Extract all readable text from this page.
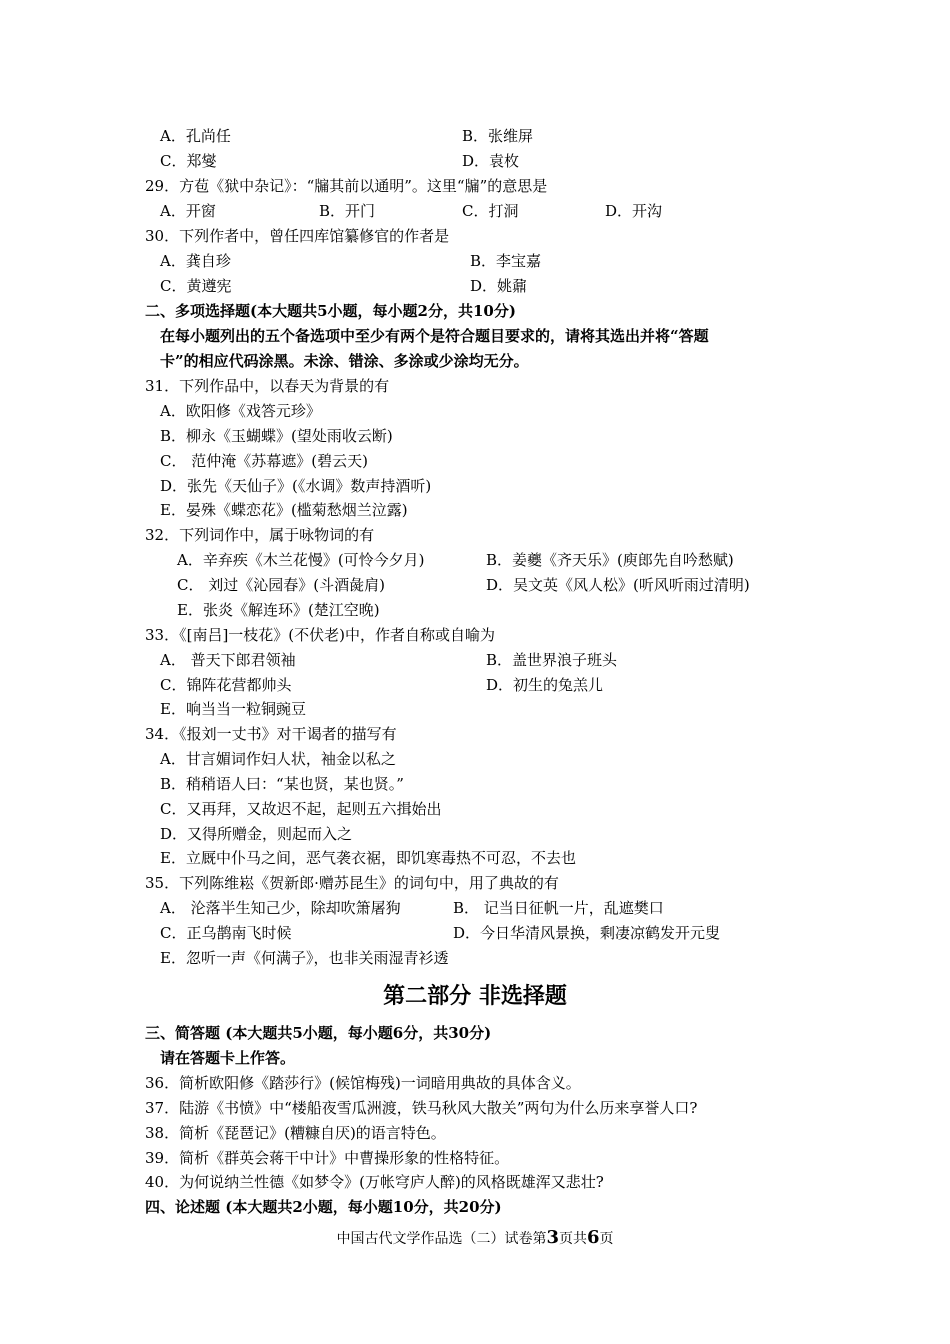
A．孔尚任	B．张维屏
C．郑燮	D．袁枚
29．方苞《狱中杂记》：“牖其前以通明”。这里“牖”的意思是
A．开窗	B．开门	C．打洞	D．开沟
30．下列作者中，曾任四库馆纂修官的作者是
A．龚自珍	B．李宝嘉
C．黄遵宪	D．姚鼐
二、多项选择题(本大题共5小题，每小题2分，共10分)
在每小题列出的五个备选项中至少有两个是符合题目要求的，请将其选出并将“答题
卡”的相应代码涂黑。未涂、错涂、多涂或少涂均无分。
31．下列作品中，以春天为背景的有
A．欧阳修《戏答元珍》
B．柳永《玉蝴蝶》(望处雨收云断)
C． 范仲淹《苏幕遮》(碧云天)
D．张先《天仙子》(《水调》数声持酒听)
E．晏殊《蝶恋花》(槛菊愁烟兰泣露)
32．下列词作中，属于咏物词的有
A．辛弃疾《木兰花慢》(可怜今夕月)	B．姜夔《齐天乐》(庾郎先自吟愁赋)
C． 刘过《沁园春》(斗酒彘肩)	D．吴文英《风人松》(听风听雨过清明)
E．张炎《解连环》(楚江空晚)
33．《[南吕]一枝花》(不伏老)中，作者自称或自喻为
A． 普天下郎君领袖	B．盖世界浪子班头
C．锦阵花营都帅头	D．初生的兔羔儿
E．响当当一粒铜豌豆
34．《报刘一丈书》对干谒者的描写有
A．甘言媚词作妇人状，袖金以私之
B．稍稍语人曰：“某也贤，某也贤。”
C．又再拜，又故迟不起，起则五六揖始出
D．又得所赠金，则起而入之
E．立厩中仆马之间，恶气袭衣裾，即饥寒毒热不可忍，不去也
35．下列陈维崧《贺新郎·赠苏昆生》的词句中，用了典故的有
A． 沦落半生知己少，除却吹箫屠狗	B． 记当日征帆一片，乱遮樊口
C．正乌鹊南飞时候	D．今日华清风景换，剩凄凉鹤发开元叟
E．忽听一声《何满子》，也非关雨湿青衫透
第二部分 非选择题
三、简答题 (本大题共5小题，每小题6分，共30分)
请在答题卡上作答。
36．简析欧阳修《踏莎行》(候馆梅残)一词暗用典故的具体含义。
37．陆游《书愤》中“楼船夜雪瓜洲渡，铁马秋风大散关”两句为什么历来享誉人口?
38．简析《琵琶记》(糟糠自厌)的语言特色。
39．简析《群英会蒋干中计》中曹操形象的性格特征。
40．为何说纳兰性德《如梦令》(万帐穹庐人醉)的风格既雄浑又悲壮?
四、论述题 (本大题共2小题，每小题10分，共20分)
中国古代文学作品选（二）试卷第3页共6页
